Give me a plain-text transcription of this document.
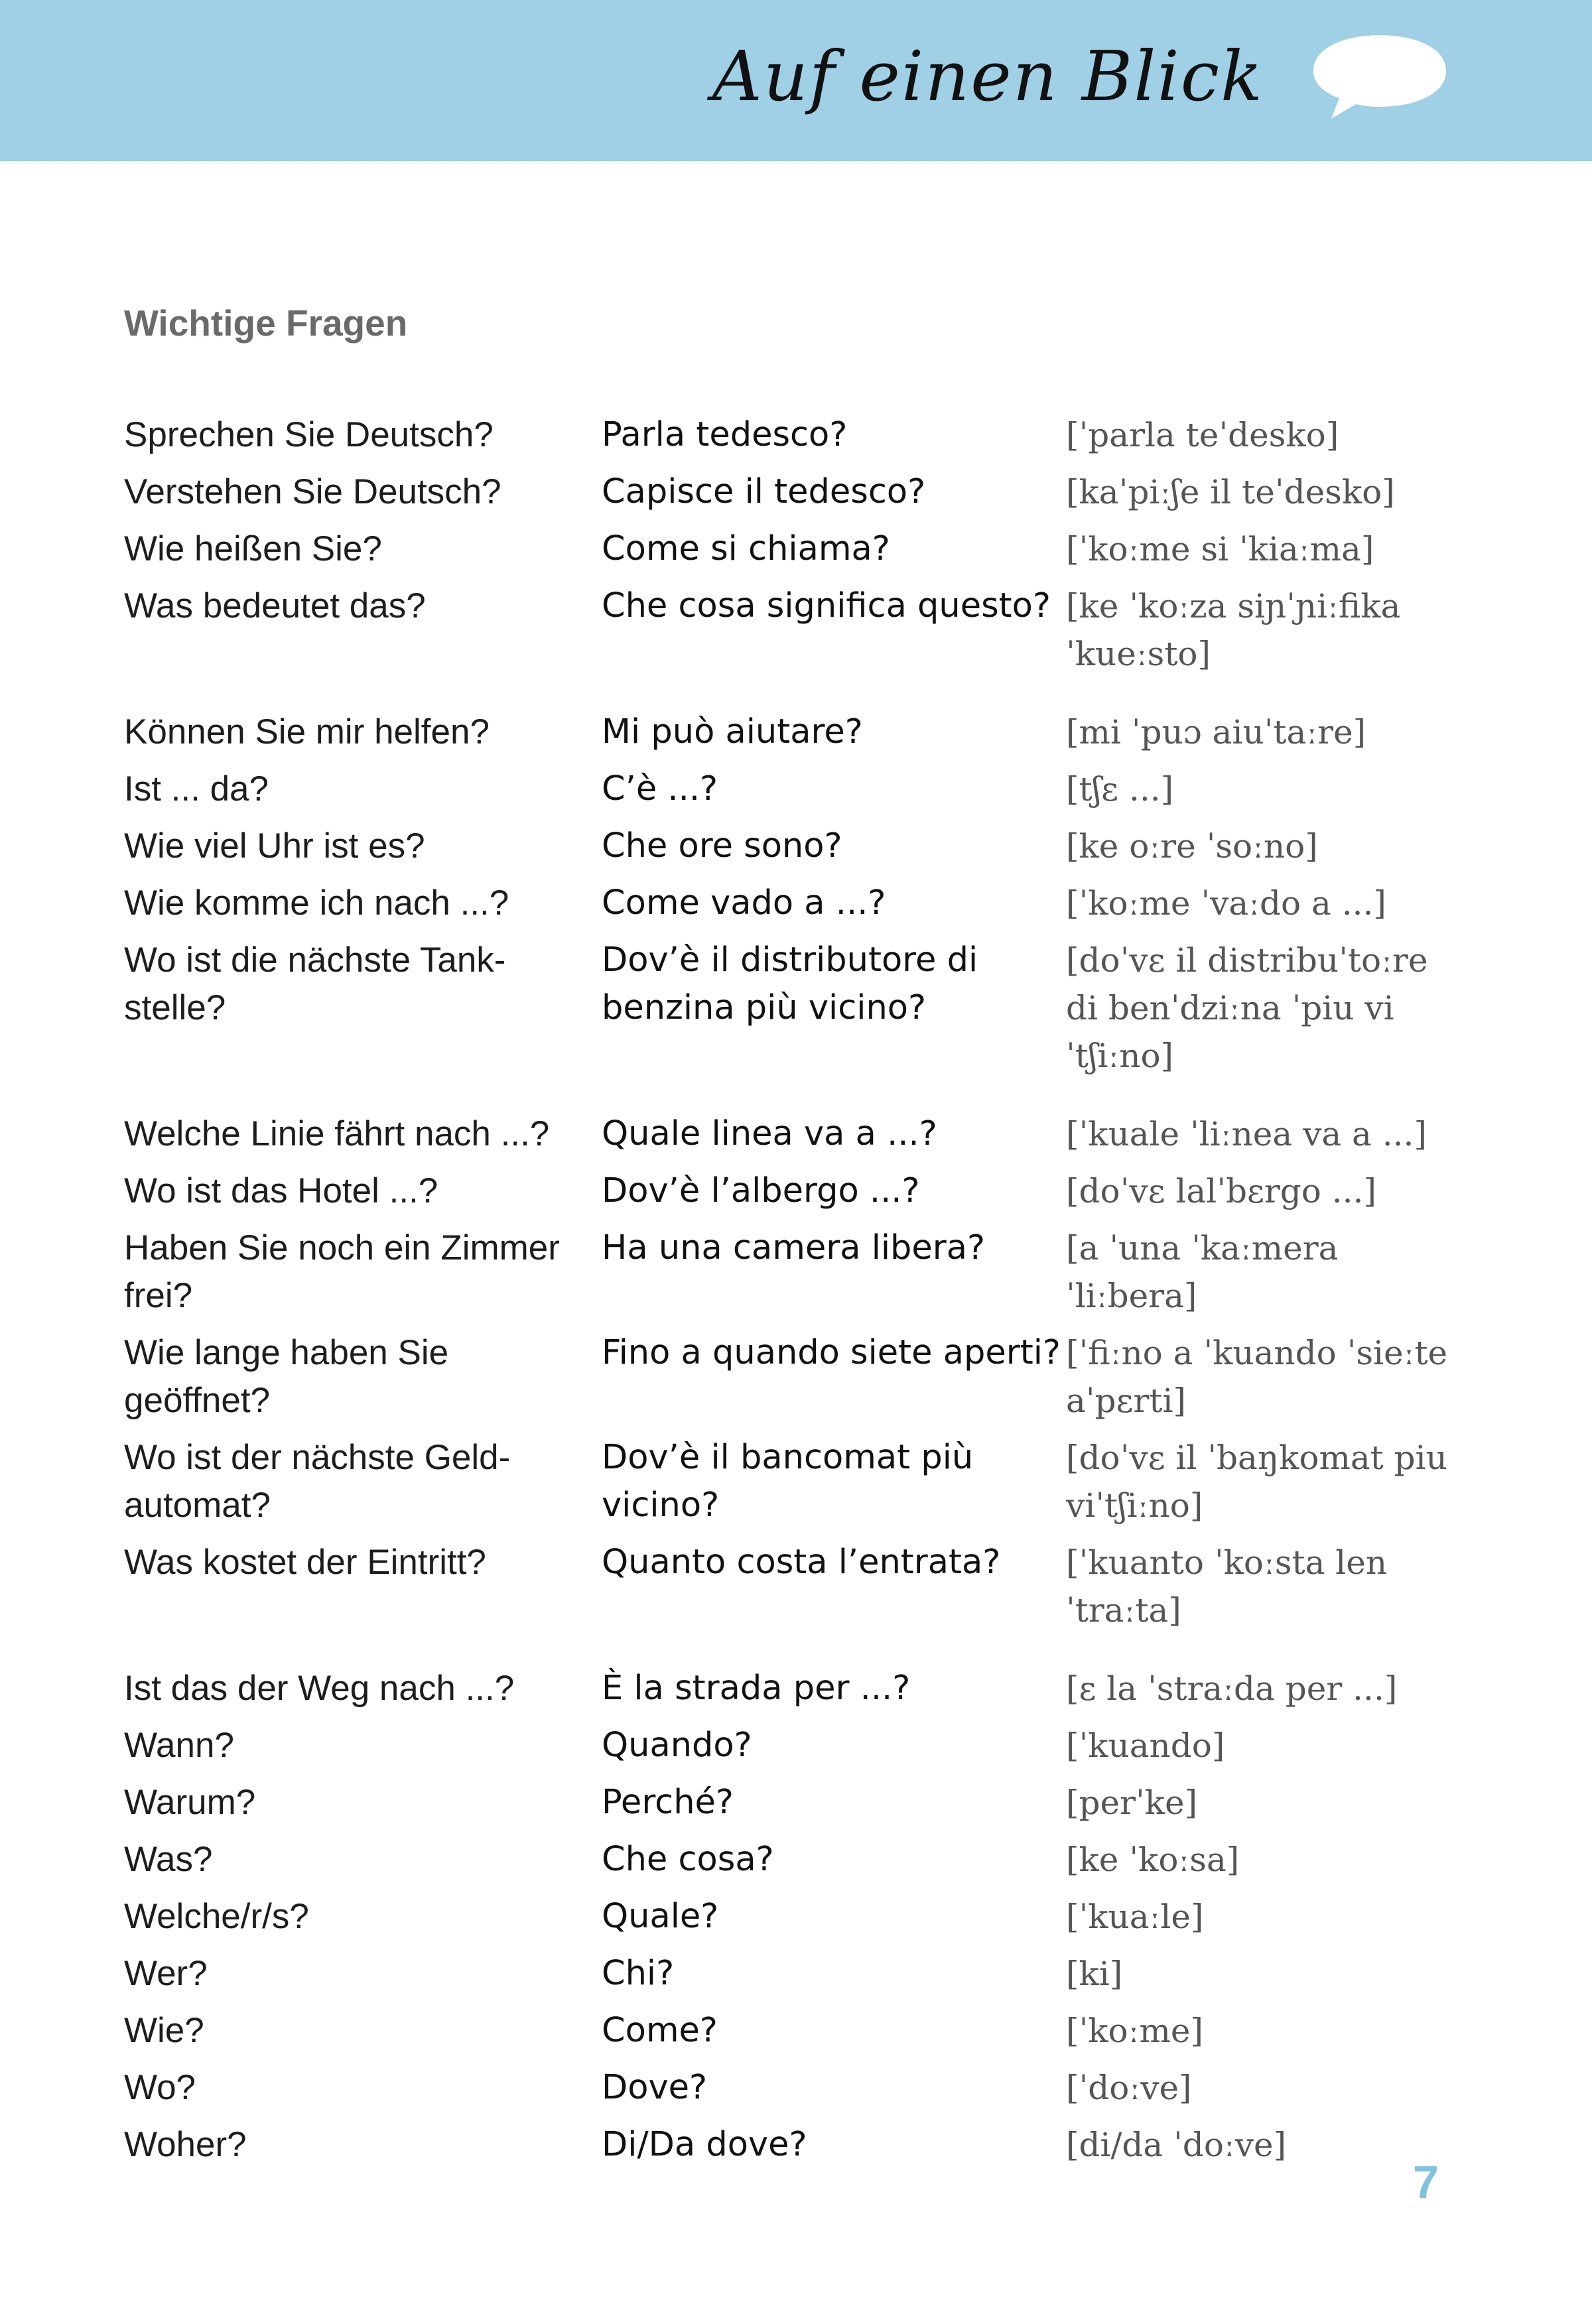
Auf einen Blick
Wichtige Fragen
Sprechen Sie Deutsch?	Parla tedesco?	[ˈparla teˈdesko]
Verstehen Sie Deutsch?	Capisce il tedesco?	[kaˈpiːʃe il teˈdesko]
Wie heißen Sie?	Come si chiama?	[ˈkoːme si ˈkiaːma]
Was bedeutet das?	Che cosa significa questo?	[ke ˈkoːza siɲˈɲiːfika ˈkueːsto]
Können Sie mir helfen?	Mi può aiutare?	[mi ˈpuɔ aiuˈtaːre]
Ist ... da?	C’è ...?	[tʃɛ ...]
Wie viel Uhr ist es?	Che ore sono?	[ke oːre ˈsoːno]
Wie komme ich nach ...?	Come vado a ...?	[ˈkoːme ˈvaːdo a ...]
Wo ist die nächste Tank-stelle?	Dov’è il distributore di benzina più vicino?	[doˈvɛ il distribuˈtoːre di benˈdziːna ˈpiu viˈtʃiːno]
Welche Linie fährt nach ...?	Quale linea va a ...?	[ˈkuale ˈliːnea va a ...]
Wo ist das Hotel ...?	Dov’è l’albergo ...?	[doˈvɛ lalˈbɛrgo ...]
Haben Sie noch ein Zimmer frei?	Ha una camera libera?	[a ˈuna ˈkaːmera ˈliːbera]
Wie lange haben Sie geöffnet?	Fino a quando siete aperti?	[ˈfiːno a ˈkuando ˈsieːte aˈpɛrti]
Wo ist der nächste Geld-automat?	Dov’è il bancomat più vicino?	[doˈvɛ il ˈbaŋkomat piu viˈtʃiːno]
Was kostet der Eintritt?	Quanto costa l’entrata?	[ˈkuanto ˈkoːsta lenˈtraːta]
Ist das der Weg nach ...?	È la strada per ...?	[ɛ la ˈstraːda per ...]
Wann?	Quando?	[ˈkuando]
Warum?	Perché?	[perˈke]
Was?	Che cosa?	[ke ˈkoːsa]
Welche/r/s?	Quale?	[ˈkuaːle]
Wer?	Chi?	[ki]
Wie?	Come?	[ˈkoːme]
Wo?	Dove?	[ˈdoːve]
Woher?	Di/Da dove?	[di/da ˈdoːve]
7
